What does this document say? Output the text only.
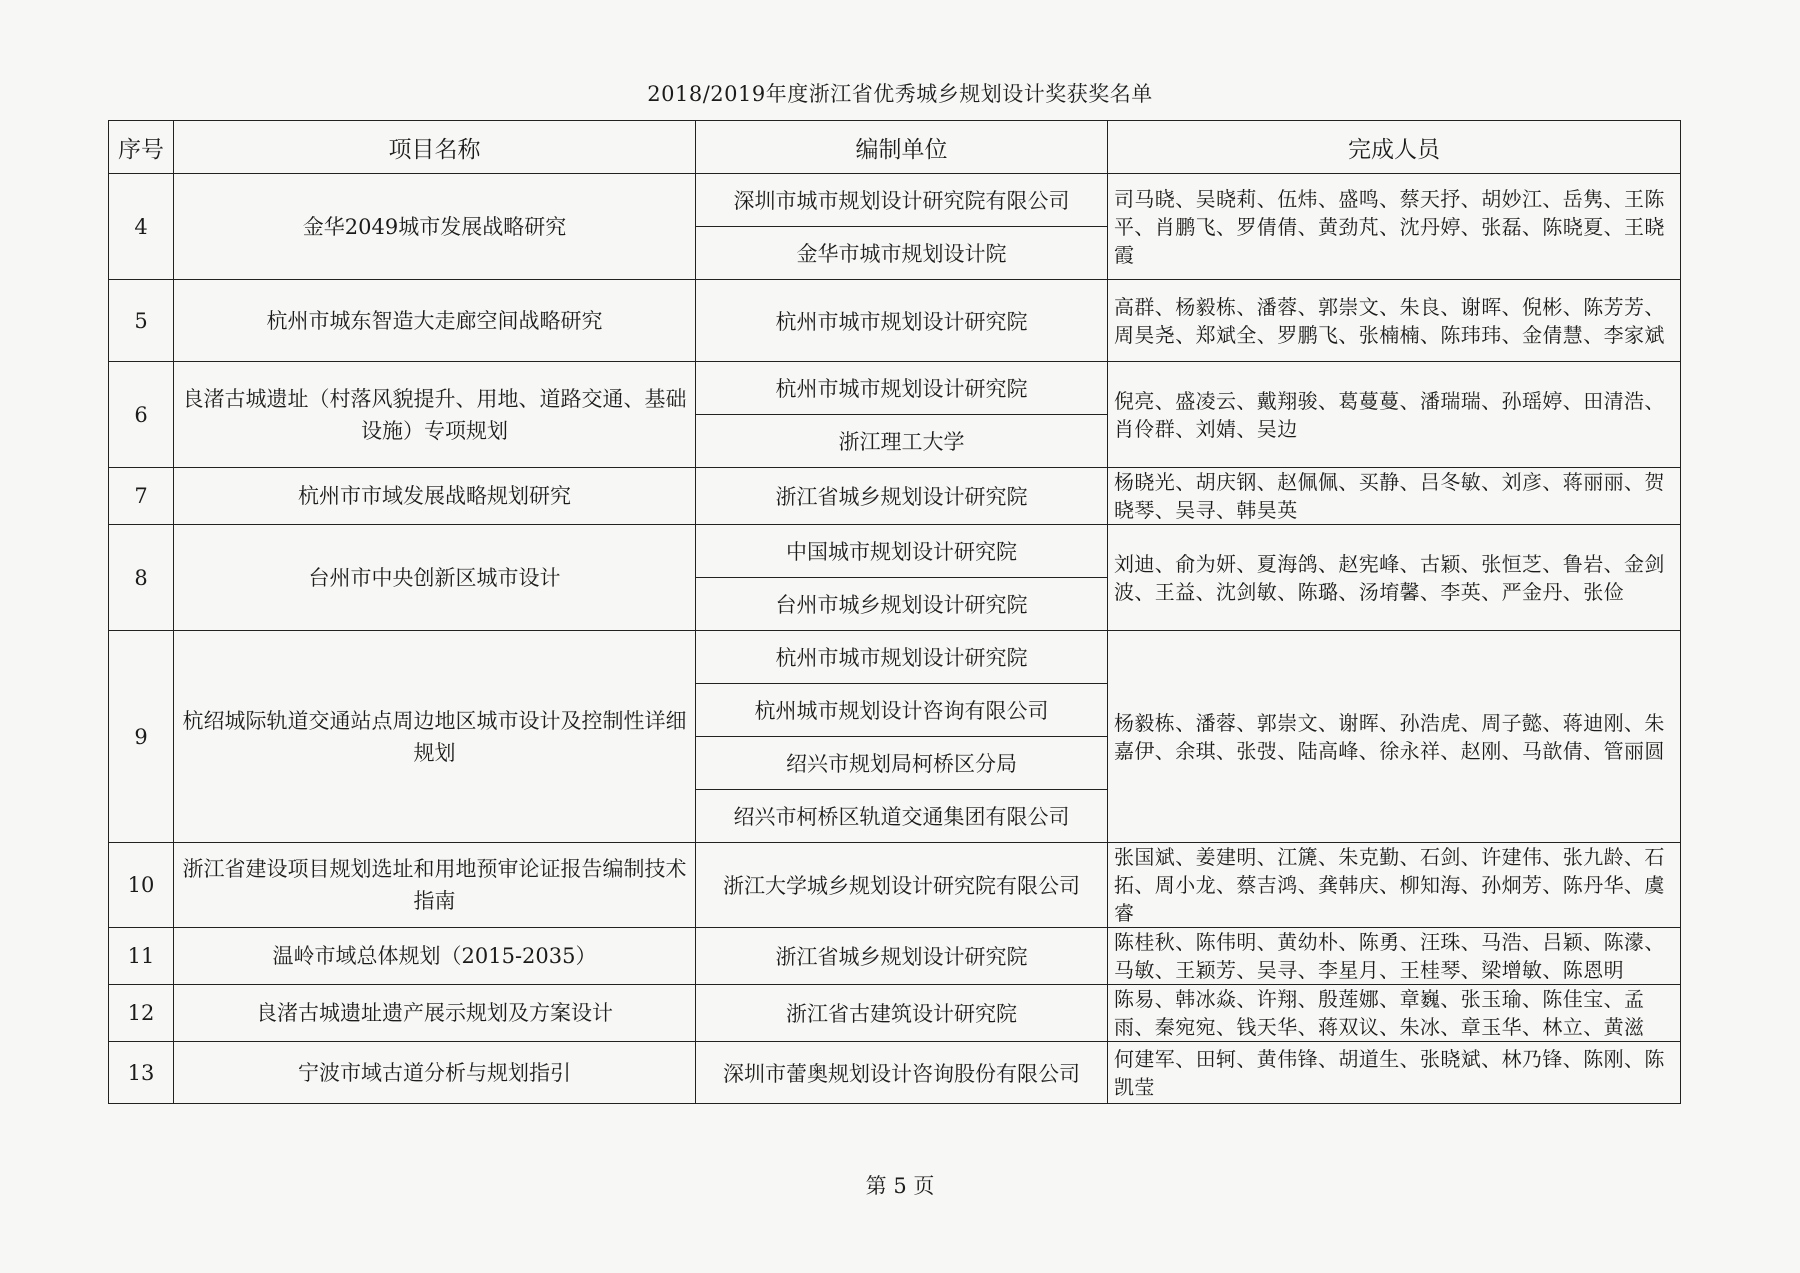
2018/2019年度浙江省优秀城乡规划设计奖获奖名单
序号	项目名称	编制单位	完成人员
4	金华2049城市发展战略研究	深圳市城市规划设计研究院有限公司	司马晓、吴晓莉、伍炜、盛鸣、蔡天抒、胡妙江、岳隽、王陈平、肖鹏飞、罗倩倩、黄劲芃、沈丹婷、张磊、陈晓夏、王晓霞
		金华市城市规划设计院	
5	杭州市城东智造大走廊空间战略研究	杭州市城市规划设计研究院	高群、杨毅栋、潘蓉、郭崇文、朱良、谢晖、倪彬、陈芳芳、周昊尧、郑斌全、罗鹏飞、张楠楠、陈玮玮、金倩慧、李家斌
6	良渚古城遗址（村落风貌提升、用地、道路交通、基础设施）专项规划	杭州市城市规划设计研究院	倪亮、盛凌云、戴翔骏、葛蔓蔓、潘瑞瑞、孙瑶婷、田清浩、肖伶群、刘婧、吴边
		浙江理工大学	
7	杭州市市域发展战略规划研究	浙江省城乡规划设计研究院	杨晓光、胡庆钢、赵佩佩、买静、吕冬敏、刘彦、蒋丽丽、贺晓琴、吴寻、韩昊英
8	台州市中央创新区城市设计	中国城市规划设计研究院	刘迪、俞为妍、夏海鸽、赵宪峰、古颖、张恒芝、鲁岩、金剑波、王益、沈剑敏、陈璐、汤堉馨、李英、严金丹、张俭
		台州市城乡规划设计研究院	
9	杭绍城际轨道交通站点周边地区城市设计及控制性详细规划	杭州市城市规划设计研究院	杨毅栋、潘蓉、郭崇文、谢晖、孙浩虎、周子懿、蒋迪刚、朱嘉伊、余琪、张弢、陆高峰、徐永祥、赵刚、马歆倩、管丽圆
		杭州城市规划设计咨询有限公司	
		绍兴市规划局柯桥区分局	
		绍兴市柯桥区轨道交通集团有限公司	
10	浙江省建设项目规划选址和用地预审论证报告编制技术指南	浙江大学城乡规划设计研究院有限公司	张国斌、姜建明、江篪、朱克勤、石剑、许建伟、张九龄、石拓、周小龙、蔡吉鸿、龚韩庆、柳知海、孙炯芳、陈丹华、虞睿
11	温岭市域总体规划（2015-2035）	浙江省城乡规划设计研究院	陈桂秋、陈伟明、黄幼朴、陈勇、汪珠、马浩、吕颖、陈濛、马敏、王颖芳、吴寻、李星月、王桂琴、梁增敏、陈恩明
12	良渚古城遗址遗产展示规划及方案设计	浙江省古建筑设计研究院	陈易、韩冰焱、许翔、殷莲娜、章巍、张玉瑜、陈佳宝、孟雨、秦宛宛、钱天华、蒋双议、朱冰、章玉华、林立、黄滋
13	宁波市域古道分析与规划指引	深圳市蕾奥规划设计咨询股份有限公司	何建军、田轲、黄伟锋、胡道生、张晓斌、林乃锋、陈刚、陈凯莹
第 5 页
